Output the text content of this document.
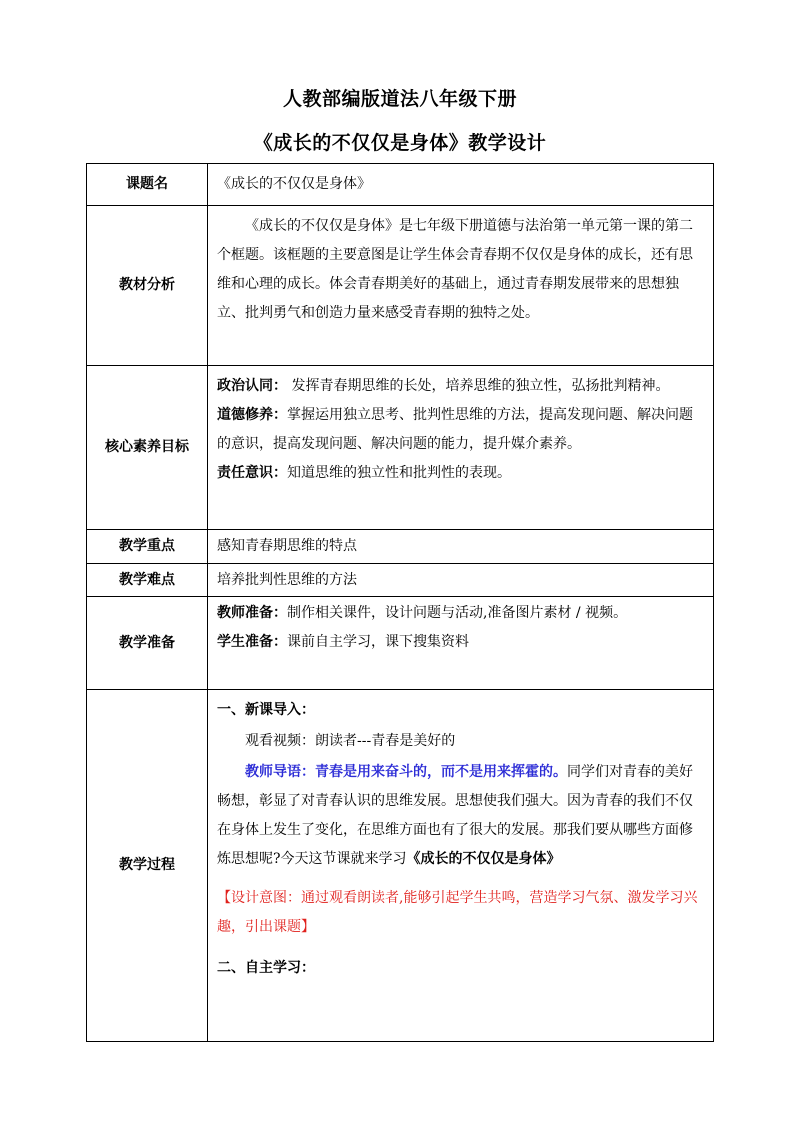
人教部编版道法八年级下册
《成长的不仅仅是身体》教学设计
课题名	《成长的不仅仅是身体》
教材分析	《成长的不仅仅是身体》是七年级下册道德与法治第一单元第一课的第二个框题。该框题的主要意图是让学生体会青春期不仅仅是身体的成长，还有思维和心理的成长。体会青春期美好的基础上，通过青春期发展带来的思想独立、批判勇气和创造力量来感受青春期的独特之处。

核心素养目标	政治认同： 发挥青春期思维的长处，培养思维的独立性，弘扬批判精神。

道德修养：掌握运用独立思考、批判性思维的方法，提高发现问题、解决问题的意识，提高发现问题、解决问题的能力，提升媒介素养。

责任意识：知道思维的独立性和批判性的表现。

教学重点	感知青春期思维的特点
教学难点	培养批判性思维的方法
教学准备	教师准备：制作相关课件，设计问题与活动,准备图片素材 / 视频。

学生准备：课前自主学习，课下搜集资料

教学过程	一、新课导入：

观看视频：朗读者---青春是美好的

教师导语：青春是用来奋斗的，而不是用来挥霍的。同学们对青春的美好畅想，彰显了对青春认识的思维发展。思想使我们强大。因为青春的我们不仅在身体上发生了变化，在思维方面也有了很大的发展。那我们要从哪些方面修炼思想呢?今天这节课就来学习《成长的不仅仅是身体》

【设计意图：通过观看朗读者,能够引起学生共鸣，营造学习气氛、激发学习兴趣，引出课题】

二、自主学习：
